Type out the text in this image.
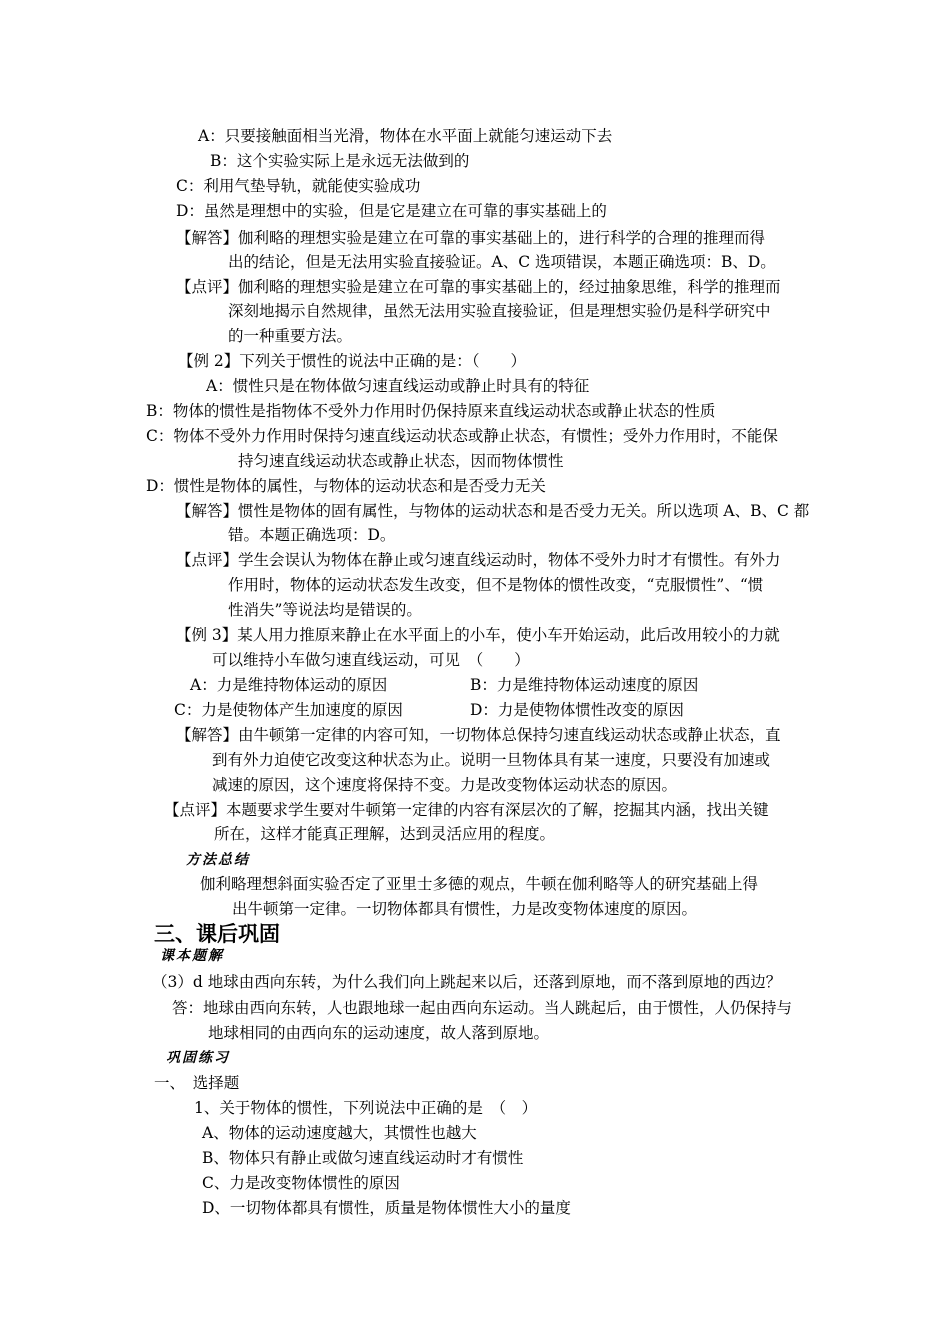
A：只要接触面相当光滑，物体在水平面上就能匀速运动下去
B：这个实验实际上是永远无法做到的
C：利用气垫导轨，就能使实验成功
D：虽然是理想中的实验，但是它是建立在可靠的事实基础上的
【解答】伽利略的理想实验是建立在可靠的事实基础上的，进行科学的合理的推理而得
出的结论，但是无法用实验直接验证。A、C 选项错误，本题正确选项：B、D。
【点评】伽利略的理想实验是建立在可靠的事实基础上的，经过抽象思维，科学的推理而
深刻地揭示自然规律，虽然无法用实验直接验证，但是理想实验仍是科学研究中
的一种重要方法。
【例 2】下列关于惯性的说法中正确的是：（　　）
A：惯性只是在物体做匀速直线运动或静止时具有的特征
B：物体的惯性是指物体不受外力作用时仍保持原来直线运动状态或静止状态的性质
C：物体不受外力作用时保持匀速直线运动状态或静止状态，有惯性；受外力作用时，不能保
持匀速直线运动状态或静止状态，因而物体惯性
D：惯性是物体的属性，与物体的运动状态和是否受力无关
【解答】惯性是物体的固有属性，与物体的运动状态和是否受力无关。所以选项 A、B、C 都
错。本题正确选项：D。
【点评】学生会误认为物体在静止或匀速直线运动时，物体不受外力时才有惯性。有外力
作用时，物体的运动状态发生改变，但不是物体的惯性改变，“克服惯性”、“惯
性消失”等说法均是错误的。
【例 3】某人用力推原来静止在水平面上的小车，使小车开始运动，此后改用较小的力就
可以维持小车做匀速直线运动，可见　（　　）
A：力是维持物体运动的原因	B：力是维持物体运动速度的原因
C：力是使物体产生加速度的原因	D：力是使物体惯性改变的原因
【解答】由牛顿第一定律的内容可知，一切物体总保持匀速直线运动状态或静止状态，直
到有外力迫使它改变这种状态为止。说明一旦物体具有某一速度，只要没有加速或
减速的原因，这个速度将保持不变。力是改变物体运动状态的原因。
【点评】本题要求学生要对牛顿第一定律的内容有深层次的了解，挖掘其内涵，找出关键
所在，这样才能真正理解，达到灵活应用的程度。
方法总结
伽利略理想斜面实验否定了亚里士多德的观点，牛顿在伽利略等人的研究基础上得
出牛顿第一定律。一切物体都具有惯性，力是改变物体速度的原因。
三、课后巩固
课本题解
（3）d 地球由西向东转，为什么我们向上跳起来以后，还落到原地，而不落到原地的西边？
答：地球由西向东转，人也跟地球一起由西向东运动。当人跳起后，由于惯性，人仍保持与
地球相同的由西向东的运动速度，故人落到原地。
巩固练习
一、　选择题
1、关于物体的惯性，下列说法中正确的是　（　）
A、物体的运动速度越大，其惯性也越大
B、物体只有静止或做匀速直线运动时才有惯性
C、力是改变物体惯性的原因
D、一切物体都具有惯性，质量是物体惯性大小的量度
